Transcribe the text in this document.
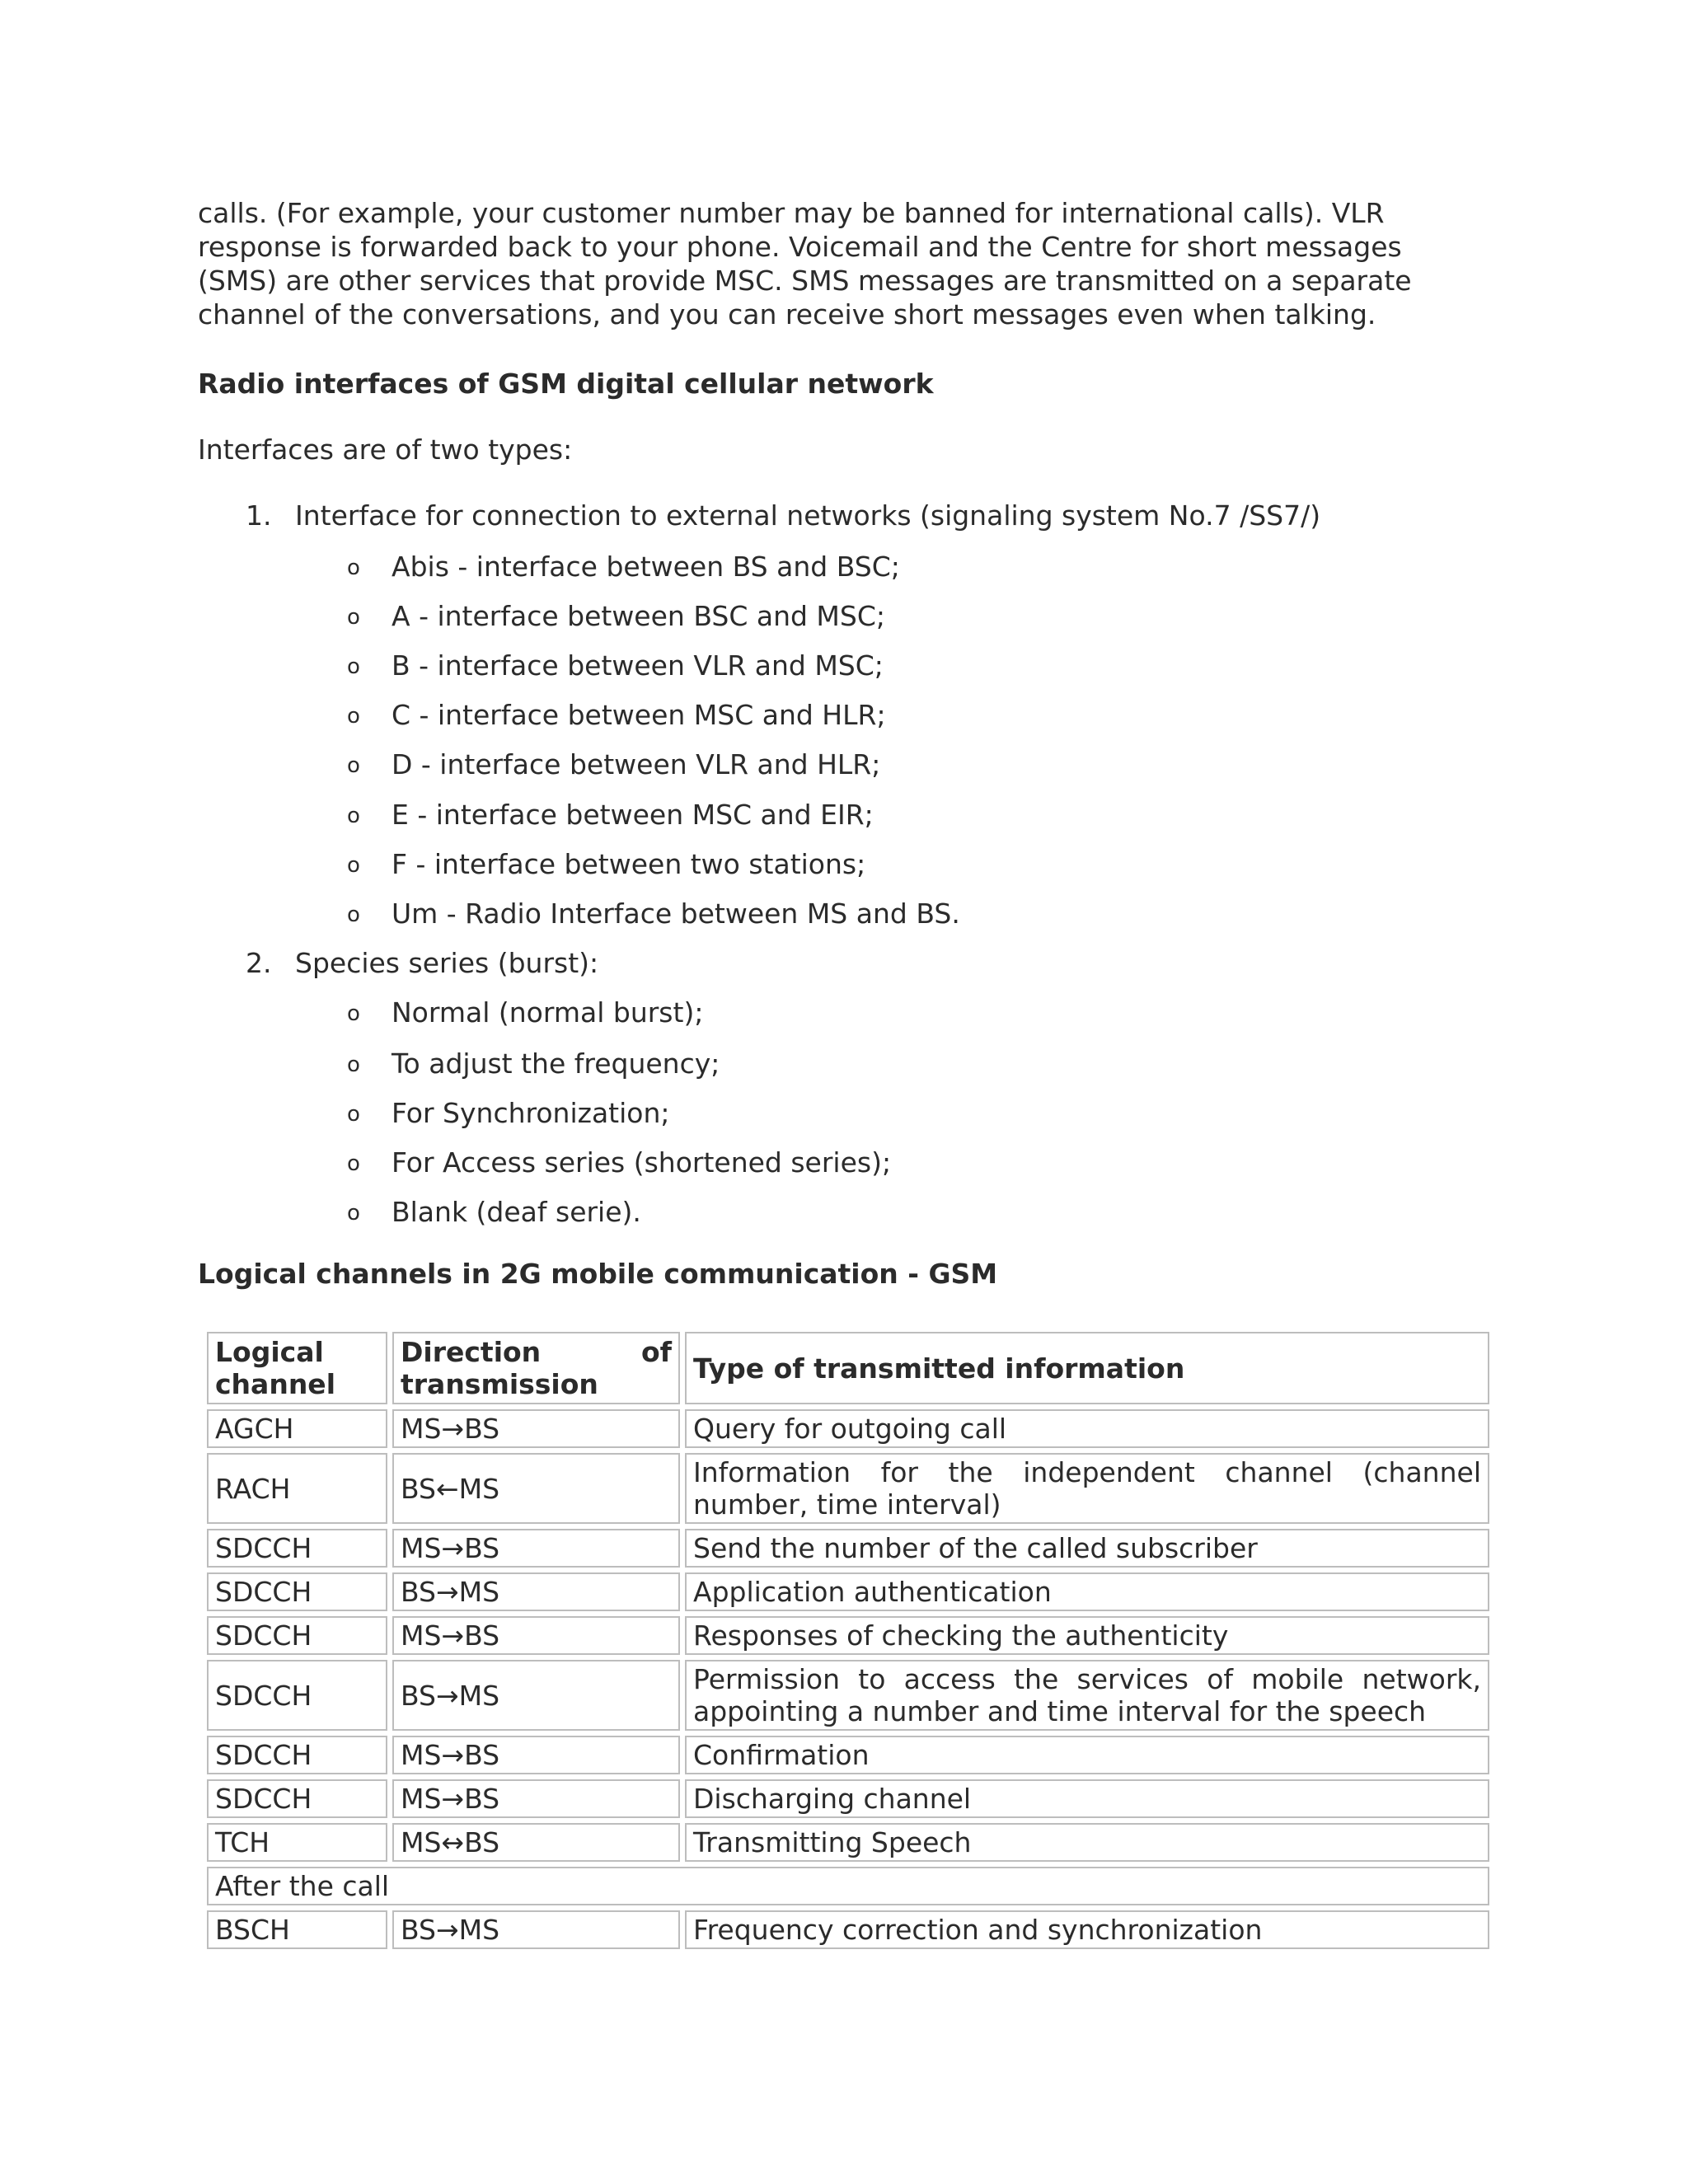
calls. (For example, your customer number may be banned for international calls). VLR response is forwarded back to your phone. Voicemail and the Centre for short messages (SMS) are other services that provide MSC. SMS messages are transmitted on a separate channel of the conversations, and you can receive short messages even when talking.

Radio interfaces of GSM digital cellular network

Interfaces are of two types:

1. Interface for connection to external networks (signaling system No.7 /SS7/)
o Abis - interface between BS and BSC;
o A - interface between BSC and MSC;
o B - interface between VLR and MSC;
o C - interface between MSC and HLR;
o D - interface between VLR and HLR;
o E - interface between MSC and EIR;
o F - interface between two stations;
o Um - Radio Interface between MS and BS.
2. Species series (burst):
o Normal (normal burst);
o To adjust the frequency;
o For Synchronization;
o For Access series (shortened series);
o Blank (deaf serie).

Logical channels in 2G mobile communication - GSM

Logical channel	Direction of transmission	Type of transmitted information
AGCH	MS→BS	Query for outgoing call
RACH	BS←MS	Information for the independent channel (channel number, time interval)
SDCCH	MS→BS	Send the number of the called subscriber
SDCCH	BS→MS	Application authentication
SDCCH	MS→BS	Responses of checking the authenticity
SDCCH	BS→MS	Permission to access the services of mobile network, appointing a number and time interval for the speech
SDCCH	MS→BS	Confirmation
SDCCH	MS→BS	Discharging channel
TCH	MS↔BS	Transmitting Speech
After the call		
BSCH	BS→MS	Frequency correction and synchronization
